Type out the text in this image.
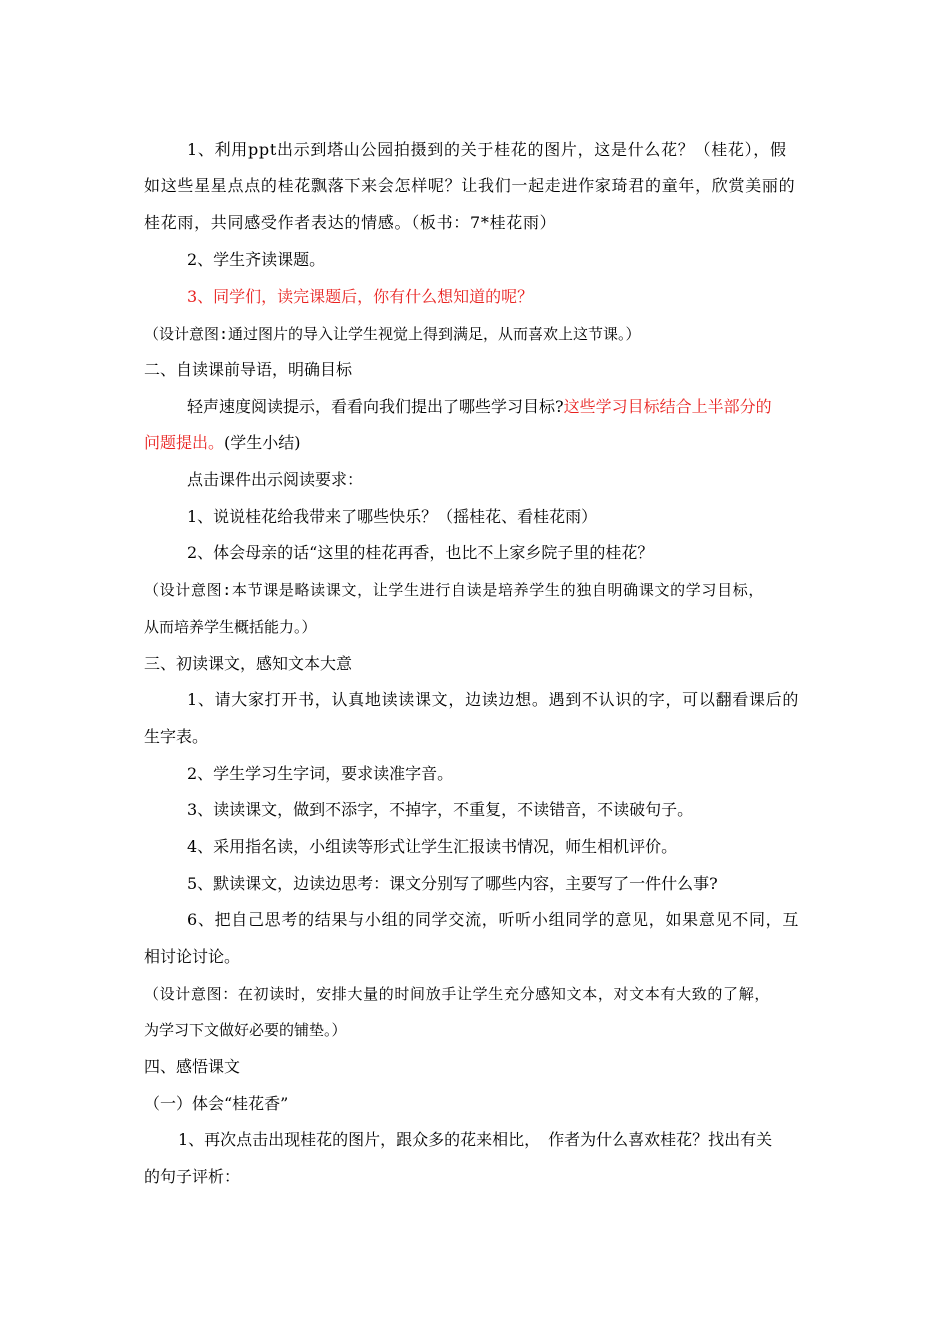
1、利用ppt出示到塔山公园拍摄到的关于桂花的图片，这是什么花？（桂花），假
如这些星星点点的桂花飘落下来会怎样呢？让我们一起走进作家琦君的童年，欣赏美丽的
桂花雨，共同感受作者表达的情感。（板书：7*桂花雨）
2、学生齐读课题。
3、同学们，读完课题后，你有什么想知道的呢？
（设计意图:通过图片的导入让学生视觉上得到满足，从而喜欢上这节课。）
二、自读课前导语，明确目标
轻声速度阅读提示，看看向我们提出了哪些学习目标?这些学习目标结合上半部分的
问题提出。(学生小结)
点击课件出示阅读要求：
1、说说桂花给我带来了哪些快乐？（摇桂花、看桂花雨）
2、体会母亲的话“这里的桂花再香，也比不上家乡院子里的桂花？
（设计意图:本节课是略读课文，让学生进行自读是培养学生的独自明确课文的学习目标，
从而培养学生概括能力。）
三、初读课文，感知文本大意
1、请大家打开书，认真地读读课文，边读边想。遇到不认识的字，可以翻看课后的
生字表。
2、学生学习生字词，要求读准字音。
3、读读课文，做到不添字，不掉字，不重复，不读错音，不读破句子。
4、采用指名读，小组读等形式让学生汇报读书情况，师生相机评价。
5、默读课文，边读边思考：课文分别写了哪些内容，主要写了一件什么事?
6、把自己思考的结果与小组的同学交流，听听小组同学的意见，如果意见不同，互
相讨论讨论。
（设计意图：在初读时，安排大量的时间放手让学生充分感知文本，对文本有大致的了解，
为学习下文做好必要的铺垫。）
四、感悟课文
（一）体会“桂花香”
1、再次点击出现桂花的图片，跟众多的花来相比，　作者为什么喜欢桂花？找出有关
的句子评析：
